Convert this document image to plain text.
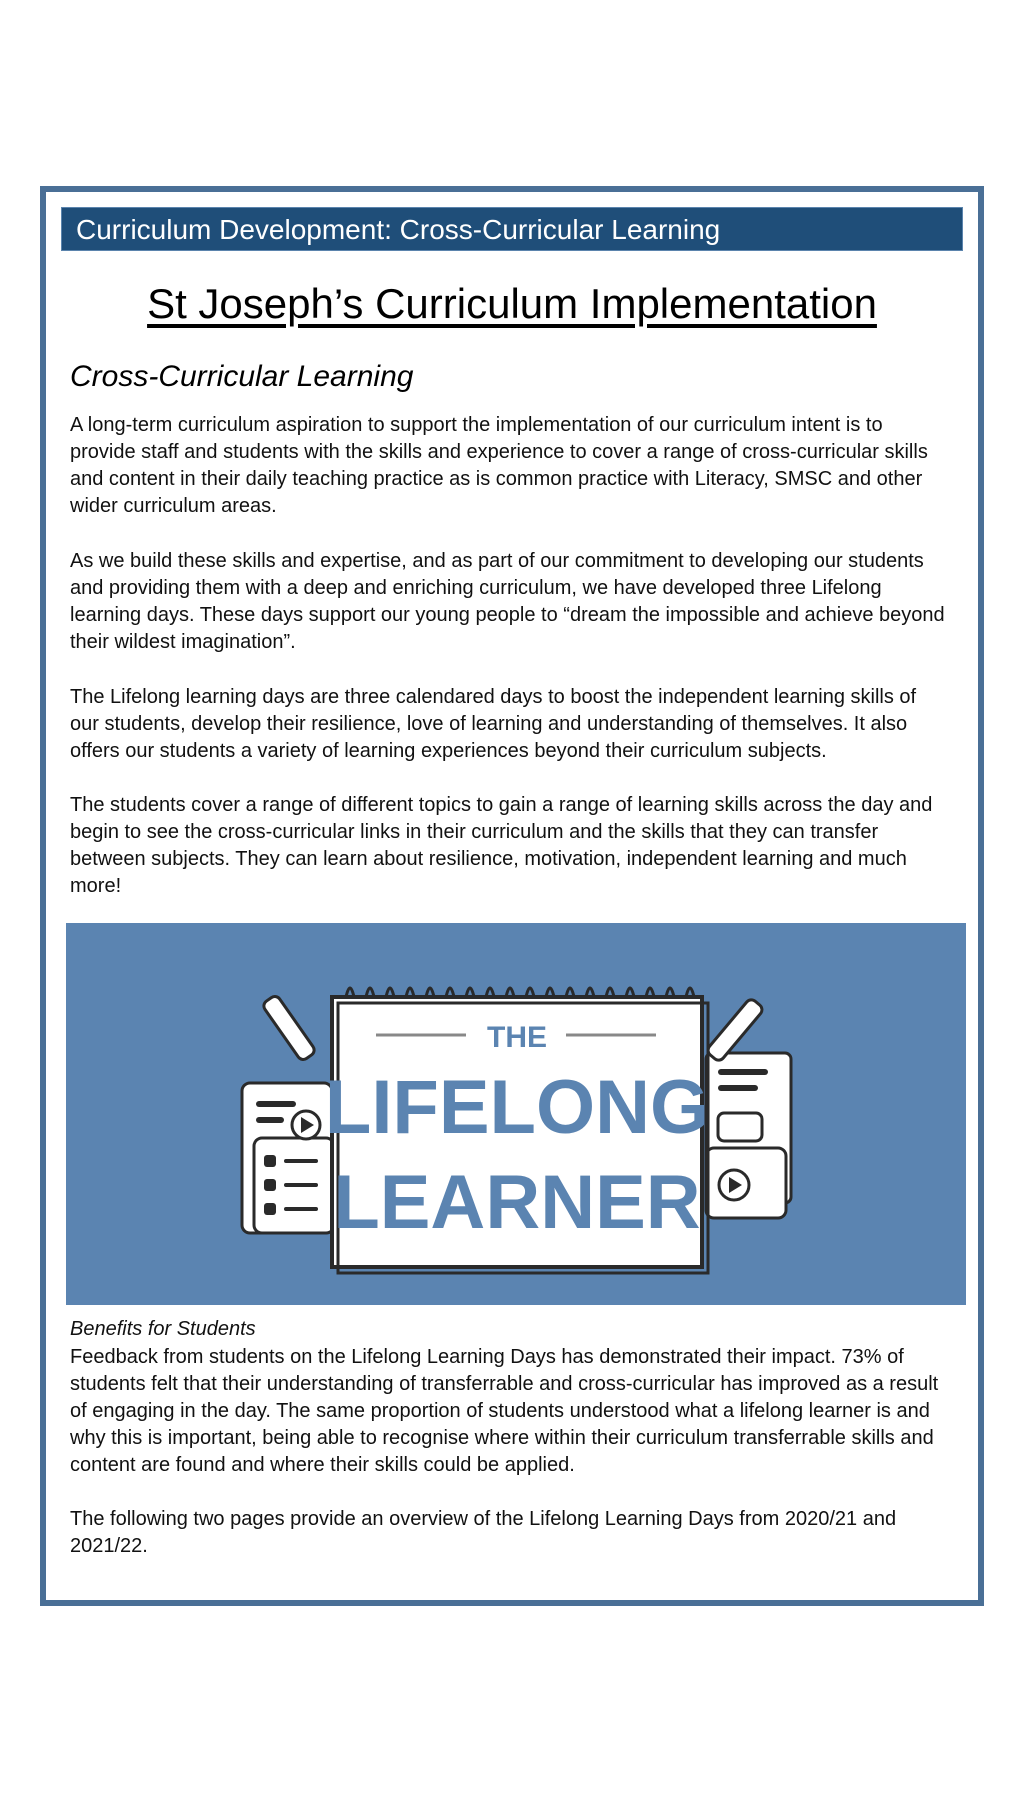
Curriculum Development: Cross-Curricular Learning
St Joseph’s Curriculum Implementation
Cross-Curricular Learning

A long-term curriculum aspiration to support the implementation of our curriculum intent is to provide staff and students with the skills and experience to cover a range of cross-curricular skills and content in their daily teaching practice as is common practice with Literacy, SMSC and other wider curriculum areas.

As we build these skills and expertise, and as part of our commitment to developing our students and providing them with a deep and enriching curriculum, we have developed three Lifelong learning days. These days support our young people to “dream the impossible and achieve beyond their wildest imagination”.

The Lifelong learning days are three calendared days to boost the independent learning skills of our students, develop their resilience, love of learning and understanding of themselves. It also offers our students a variety of learning experiences beyond their curriculum subjects.

The students cover a range of different topics to gain a range of learning skills across the day and begin to see the cross-curricular links in their curriculum and the skills that they can transfer between subjects. They can learn about resilience, motivation, independent learning and much more!

THE
LIFELONG
LEARNER
Benefits for Students

Feedback from students on the Lifelong Learning Days has demonstrated their impact. 73% of students felt that their understanding of transferrable and cross-curricular has improved as a result of engaging in the day. The same proportion of students understood what a lifelong learner is and why this is important, being able to recognise where within their curriculum transferrable skills and content are found and where their skills could be applied.

The following two pages provide an overview of the Lifelong Learning Days from 2020/21 and 2021/22.
